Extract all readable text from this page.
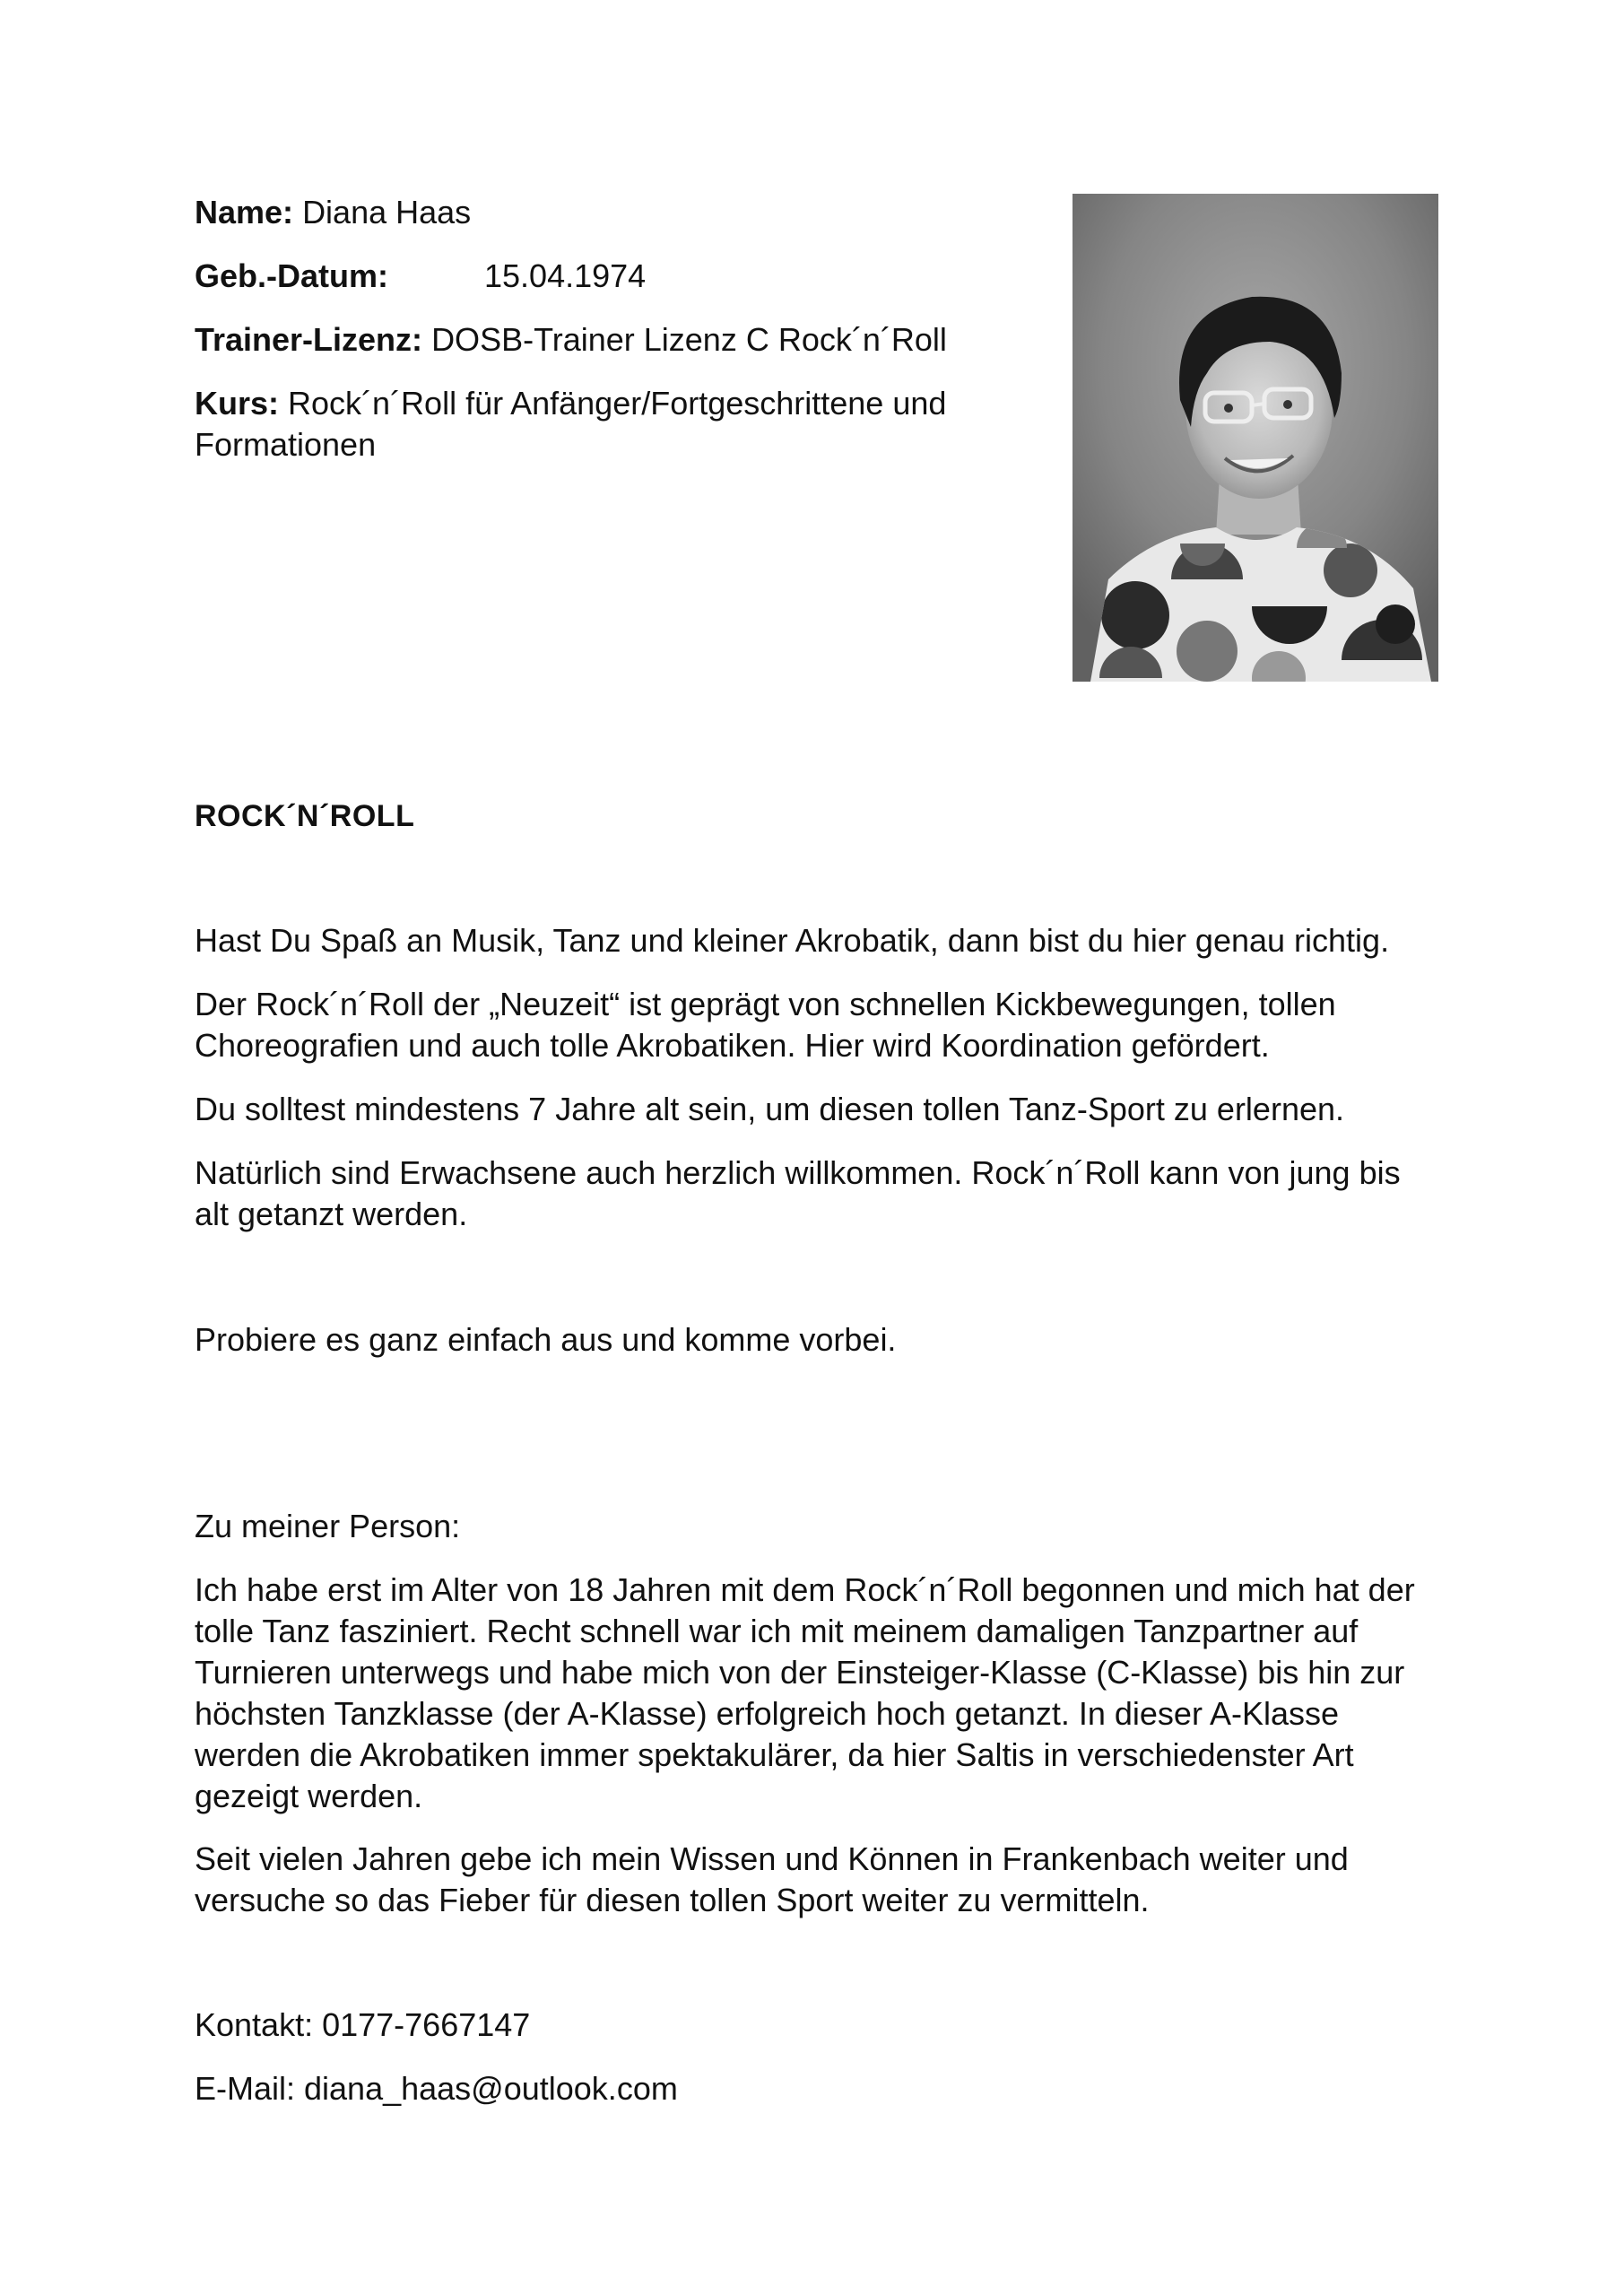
Name: Diana Haas
Geb.-Datum:	15.04.1974
Trainer-Lizenz: DOSB-Trainer Lizenz C Rock´n´Roll
Kurs: Rock´n´Roll für Anfänger/Fortgeschrittene und
Formationen
ROCK´N´ROLL
Hast Du Spaß an Musik, Tanz und kleiner Akrobatik, dann bist du hier genau richtig.
Der Rock´n´Roll der „Neuzeit“ ist geprägt von schnellen Kickbewegungen, tollen
Choreografien und auch tolle Akrobatiken. Hier wird Koordination gefördert.
Du solltest mindestens 7 Jahre alt sein, um diesen tollen Tanz-Sport zu erlernen.
Natürlich sind Erwachsene auch herzlich willkommen. Rock´n´Roll kann von jung bis
alt getanzt werden.
Probiere es ganz einfach aus und komme vorbei.
Zu meiner Person:
Ich habe erst im Alter von 18 Jahren mit dem Rock´n´Roll begonnen und mich hat der
tolle Tanz fasziniert. Recht schnell war ich mit meinem damaligen Tanzpartner auf
Turnieren unterwegs und habe mich von der Einsteiger-Klasse (C-Klasse) bis hin zur
höchsten Tanzklasse (der A-Klasse) erfolgreich hoch getanzt. In dieser A-Klasse
werden die Akrobatiken immer spektakulärer, da hier Saltis in verschiedenster Art
gezeigt werden.
Seit vielen Jahren gebe ich mein Wissen und Können in Frankenbach weiter und
versuche so das Fieber für diesen tollen Sport weiter zu vermitteln.
Kontakt: 0177-7667147
E-Mail: diana_haas@outlook.com
